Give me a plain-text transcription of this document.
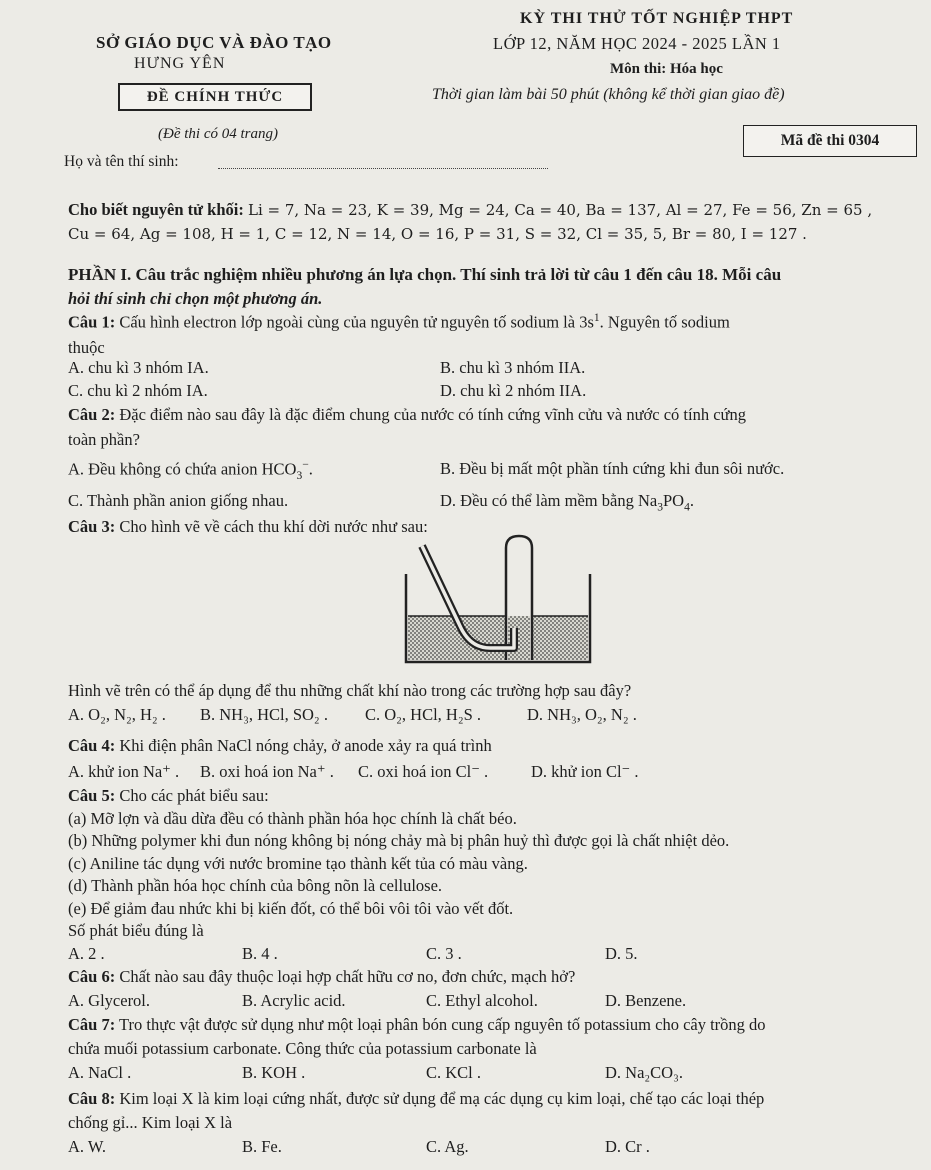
SỞ GIÁO DỤC VÀ ĐÀO TẠO
HƯNG YÊN
ĐỀ CHÍNH THỨC
(Đề thi có 04 trang)
KỲ THI THỬ TỐT NGHIỆP THPT
LỚP 12, NĂM HỌC 2024 - 2025 LẦN 1
Môn thi: Hóa học
Thời gian làm bài 50 phút (không kể thời gian giao đề)
Họ và tên thí sinh:
Mã đề thi 0304
Cho biết nguyên tử khối: Li = 7, Na = 23, K = 39, Mg = 24, Ca = 40, Ba = 137, Al = 27, Fe = 56, Zn = 65 ,
Cu = 64, Ag = 108, H = 1, C = 12, N = 14, O = 16, P = 31, S = 32, Cl = 35, 5, Br = 80, I = 127 .
PHẦN I. Câu trắc nghiệm nhiều phương án lựa chọn. Thí sinh trả lời từ câu 1 đến câu 18. Mỗi câu
hỏi thí sinh chỉ chọn một phương án.
Câu 1: Cấu hình electron lớp ngoài cùng của nguyên tử nguyên tố sodium là $3s^1$. Nguyên tố sodium
thuộc
A. chu kì 3 nhóm IA.	B. chu kì 3 nhóm IIA.
C. chu kì 2 nhóm IA.	D. chu kì 2 nhóm IIA.
Câu 2: Đặc điểm nào sau đây là đặc điểm chung của nước có tính cứng vĩnh cửu và nước có tính cứng
toàn phần?
A. Đều không có chứa anion $HCO_3^-$.	B. Đều bị mất một phần tính cứng khi đun sôi nước.
C. Thành phần anion giống nhau.	D. Đều có thể làm mềm bằng $Na_3PO_4$.
Câu 3: Cho hình vẽ về cách thu khí dời nước như sau:
Hình vẽ trên có thể áp dụng để thu những chất khí nào trong các trường hợp sau đây?
A. O₂, N₂, H₂ . B. NH₃, HCl, SO₂ . C. O₂, HCl, H₂S .	D. NH₃, O₂, N₂ .
Câu 4: Khi điện phân NaCl nóng chảy, ở anode xảy ra quá trình
A. khử ion Na⁺ . B. oxi hoá ion Na⁺ . C. oxi hoá ion Cl⁻ .	D. khử ion Cl⁻ .
Câu 5: Cho các phát biểu sau:
(a) Mỡ lợn và dầu dừa đều có thành phần hóa học chính là chất béo.
(b) Những polymer khi đun nóng không bị nóng chảy mà bị phân huỷ thì được gọi là chất nhiệt dẻo.
(c) Aniline tác dụng với nước bromine tạo thành kết tủa có màu vàng.
(d) Thành phần hóa học chính của bông nõn là cellulose.
(e) Để giảm đau nhức khi bị kiến đốt, có thể bôi vôi tôi vào vết đốt.
Số phát biểu đúng là
A. 2 .	B. 4 .	C. 3 .	D. 5.
Câu 6: Chất nào sau đây thuộc loại hợp chất hữu cơ no, đơn chức, mạch hở?
A. Glycerol.	B. Acrylic acid.	C. Ethyl alcohol.	D. Benzene.
Câu 7: Tro thực vật được sử dụng như một loại phân bón cung cấp nguyên tố potassium cho cây trồng do
chứa muối potassium carbonate. Công thức của potassium carbonate là
A. NaCl .	B. KOH .	C. KCl .	D. Na₂CO₃.
Câu 8: Kim loại X là kim loại cứng nhất, được sử dụng để mạ các dụng cụ kim loại, chế tạo các loại thép
chống gỉ... Kim loại X là
A. W.	B. Fe.	C. Ag.	D. Cr .
